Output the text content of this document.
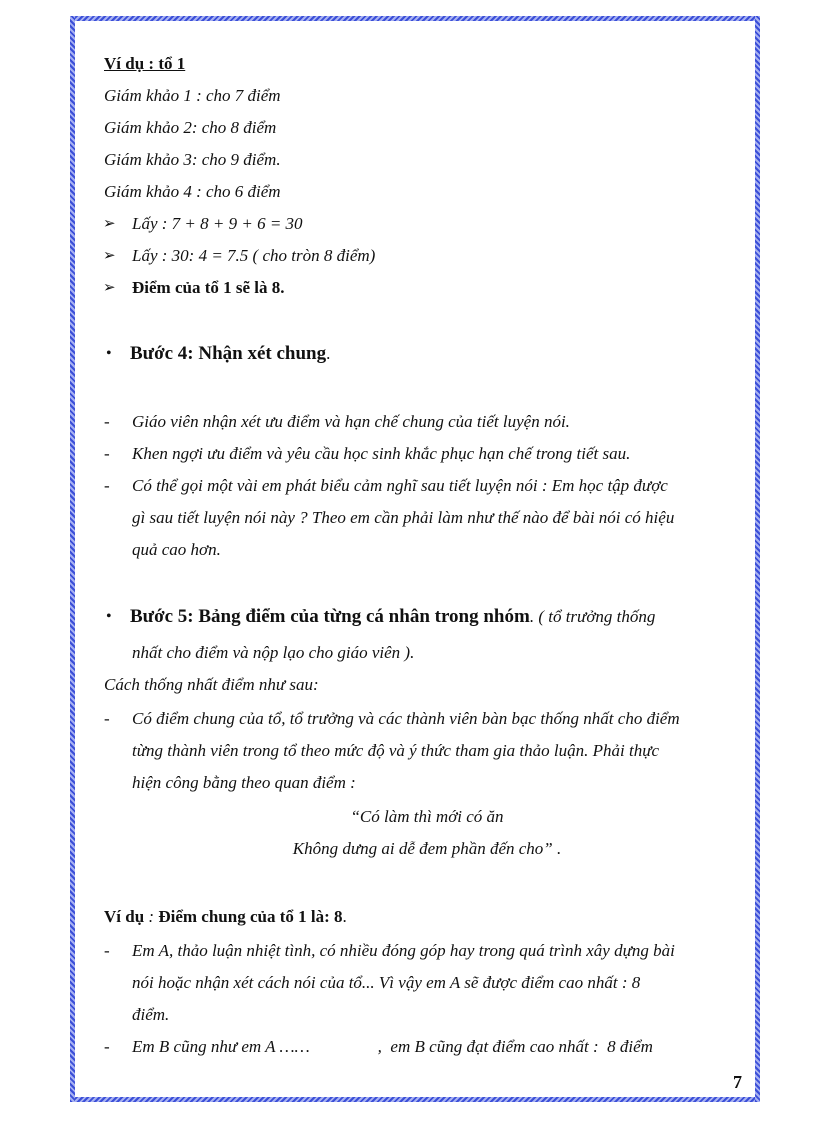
Ví dụ : tổ 1
Giám khảo 1 : cho 7 điểm
Giám khảo 2: cho 8 điểm
Giám khảo 3: cho 9 điểm.
Giám khảo 4 : cho 6 điểm
➢ Lấy : 7 + 8 + 9 + 6 = 30
➢ Lấy : 30: 4 = 7.5 ( cho tròn 8 điểm)
➢ Điểm của tổ 1 sẽ là 8.
• Bước 4: Nhận xét chung.
- Giáo viên nhận xét ưu điểm và hạn chế chung của tiết luyện nói.
- Khen ngợi ưu điểm và yêu cầu học sinh khắc phục hạn chế trong tiết sau.
- Có thể gọi một vài em phát biểu cảm nghĩ sau tiết luyện nói : Em học tập được
gì sau tiết luyện nói này ? Theo em cần phải làm như thế nào để bài nói có hiệu
quả cao hơn.
• Bước 5: Bảng điểm của từng cá nhân trong nhóm. ( tổ trưởng thống
nhất cho điểm và nộp lạo cho giáo viên ).
Cách thống nhất điểm như sau:
- Có điểm chung của tổ, tổ trưởng và các thành viên bàn bạc thống nhất cho điểm
từng thành viên trong tổ theo mức độ và ý thức tham gia thảo luận. Phải thực
hiện công bằng theo quan điểm :
“Có làm thì mới có ăn
Không dưng ai dễ đem phần đến cho” .
Ví dụ : Điểm chung của tổ 1 là: 8.
- Em A, thảo luận nhiệt tình, có nhiều đóng góp hay trong quá trình xây dựng bài
nói hoặc nhận xét cách nói của tổ... Vì vậy em A sẽ được điểm cao nhất : 8
điểm.
- Em B cũng như em A ……                ,  em B cũng đạt điểm cao nhất :  8 điểm
7
